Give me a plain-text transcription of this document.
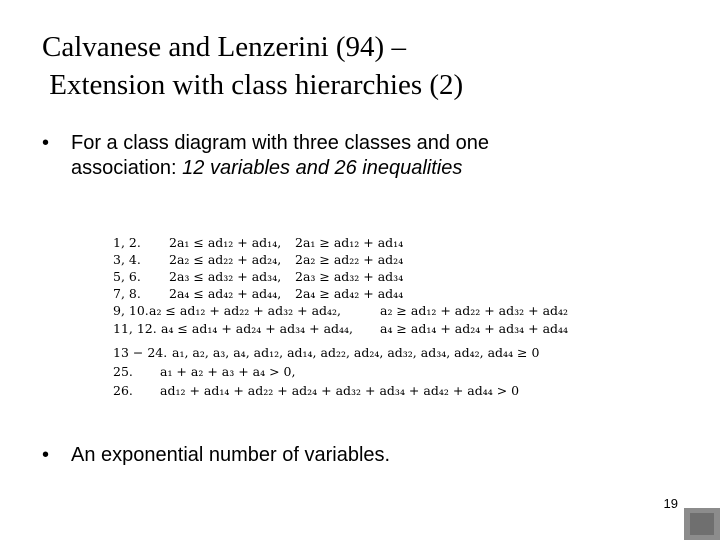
Calvanese and Lenzerini (94) –
Extension with class hierarchies (2)
• For a class diagram with three classes and one
association: 12 variables and 26 inequalities
1, 2. 2a₁ ≤ ad₁₂ + ad₁₄, 2a₁ ≥ ad₁₂ + ad₁₄
3, 4. 2a₂ ≤ ad₂₂ + ad₂₄, 2a₂ ≥ ad₂₂ + ad₂₄
5, 6. 2a₃ ≤ ad₃₂ + ad₃₄, 2a₃ ≥ ad₃₂ + ad₃₄
7, 8. 2a₄ ≤ ad₄₂ + ad₄₄, 2a₄ ≥ ad₄₂ + ad₄₄
9, 10. a₂ ≤ ad₁₂ + ad₂₂ + ad₃₂ + ad₄₂,	a₂ ≥ ad₁₂ + ad₂₂ + ad₃₂ + ad₄₂
11, 12. a₄ ≤ ad₁₄ + ad₂₄ + ad₃₄ + ad₄₄, a₄ ≥ ad₁₄ + ad₂₄ + ad₃₄ + ad₄₄
13 − 24. a₁, a₂, a₃, a₄, ad₁₂, ad₁₄, ad₂₂, ad₂₄, ad₃₂, ad₃₄, ad₄₂, ad₄₄ ≥ 0
25. a₁ + a₂ + a₃ + a₄ > 0,
26. ad₁₂ + ad₁₄ + ad₂₂ + ad₂₄ + ad₃₂ + ad₃₄ + ad₄₂ + ad₄₄ > 0
• An exponential number of variables.
19
